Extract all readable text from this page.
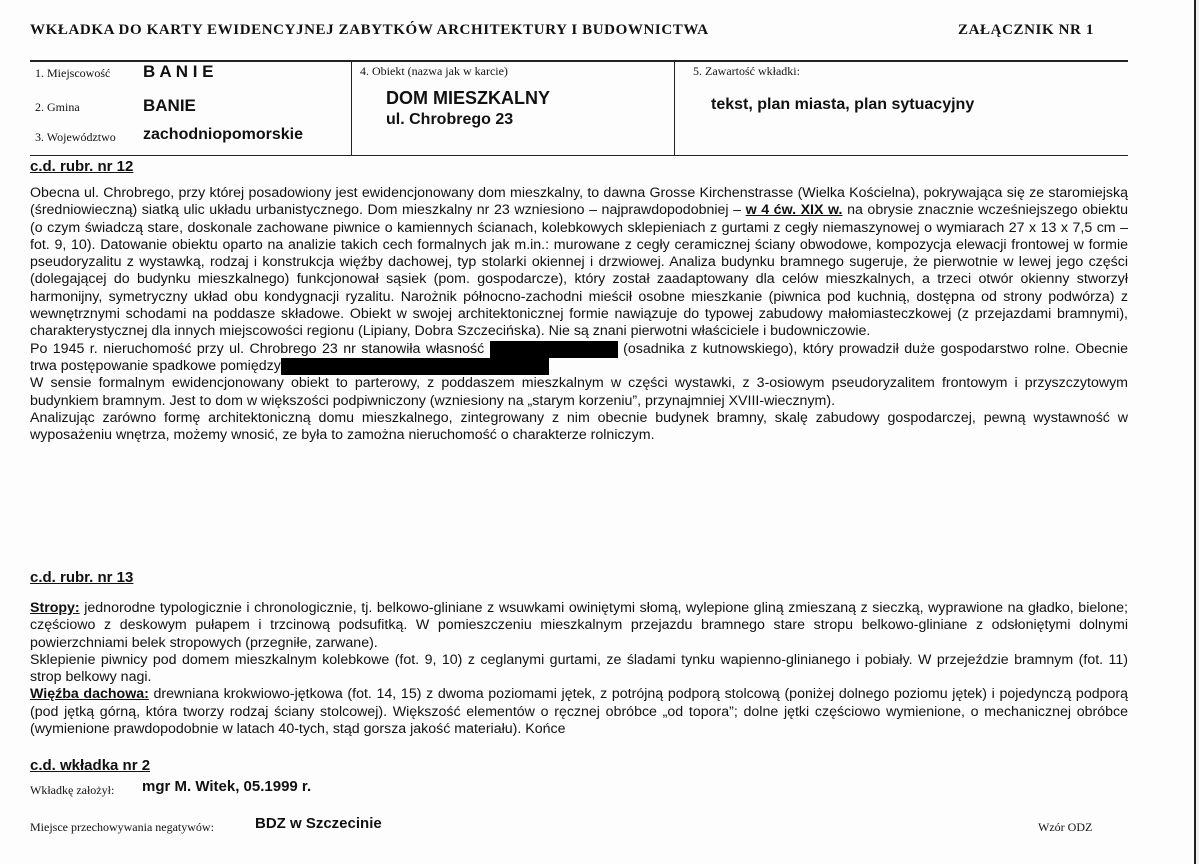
WKŁADKA DO KARTY EWIDENCYJNEJ ZABYTKÓW ARCHITEKTURY I BUDOWNICTWA	ZAŁĄCZNIK NR 1
1. Miejscowość B A N I E
2. Gmina	BANIE
3. Województwo zachodniopomorskie
4. Obiekt (nazwa jak w karcie)
DOM MIESZKALNY
ul. Chrobrego 23
5. Zawartość wkładki:
tekst, plan miasta, plan sytuacyjny
c.d. rubr. nr 12

Obecna ul. Chrobrego, przy której posadowiony jest ewidencjonowany dom mieszkalny, to dawna Grosse Kirchenstrasse (Wielka Kościelna), pokrywająca się ze staromiejską (średniowieczną) siatką ulic układu urbanistycznego. Dom mieszkalny nr 23 wzniesiono – najprawdopodobniej – w 4 ćw. XIX w. na obrysie znacznie wcześniejszego obiektu (o czym świadczą stare, doskonale zachowane piwnice o kamiennych ścianach, kolebkowych sklepieniach z gurtami z cegły niemaszynowej o wymiarach 27 x 13 x 7,5 cm – fot. 9, 10). Datowanie obiektu oparto na analizie takich cech formalnych jak m.in.: murowane z cegły ceramicznej ściany obwodowe, kompozycja elewacji frontowej w formie pseudoryzalitu z wystawką, rodzaj i konstrukcja więźby dachowej, typ stolarki okiennej i drzwiowej. Analiza budynku bramnego sugeruje, że pierwotnie w lewej jego części (dolegającej do budynku mieszkalnego) funkcjonował sąsiek (pom. gospodarcze), który został zaadaptowany dla celów mieszkalnych, a trzeci otwór okienny stworzył harmonijny, symetryczny układ obu kondygnacji ryzalitu. Narożnik północno-zachodni mieścił osobne mieszkanie (piwnica pod kuchnią, dostępna od strony podwórza) z wewnętrznymi schodami na poddasze składowe. Obiekt w swojej architektonicznej formie nawiązuje do typowej zabudowy małomiasteczkowej (z przejazdami bramnymi), charakterystycznej dla innych miejscowości regionu (Lipiany, Dobra Szczecińska). Nie są znani pierwotni właściciele i budowniczowie.

Po 1945 r. nieruchomość przy ul. Chrobrego 23 nr stanowiła własność	(osadnika z kutnowskiego), który prowadził duże gospodarstwo rolne. Obecnie trwa postępowanie spadkowe pomiędzy

W sensie formalnym ewidencjonowany obiekt to parterowy, z poddaszem mieszkalnym w części wystawki, z 3-osiowym pseudoryzalitem frontowym i przyszczytowym budynkiem bramnym. Jest to dom w większości podpiwniczony (wzniesiony na „starym korzeniu”, przynajmniej XVIII-wiecznym).

Analizując zarówno formę architektoniczną domu mieszkalnego, zintegrowany z nim obecnie budynek bramny, skalę zabudowy gospodarczej, pewną wystawność w wyposażeniu wnętrza, możemy wnosić, ze była to zamożna nieruchomość o charakterze rolniczym.

c.d. rubr. nr 13

Stropy: jednorodne typologicznie i chronologicznie, tj. belkowo-gliniane z wsuwkami owiniętymi słomą, wylepione gliną zmieszaną z sieczką, wyprawione na gładko, bielone; częściowo z deskowym pułapem i trzcinową podsufitką. W pomieszczeniu mieszkalnym przejazdu bramnego stare stropu belkowo-gliniane z odsłoniętymi dolnymi powierzchniami belek stropowych (przegniłe, zarwane).

Sklepienie piwnicy pod domem mieszkalnym kolebkowe (fot. 9, 10) z ceglanymi gurtami, ze śladami tynku wapienno-glinianego i pobiały. W przejeździe bramnym (fot. 11) strop belkowy nagi.

Więźba dachowa: drewniana krokwiowo-jętkowa (fot. 14, 15) z dwoma poziomami jętek, z potrójną podporą stolcową (poniżej dolnego poziomu jętek) i pojedynczą podporą (pod jętką górną, która tworzy rodzaj ściany stolcowej). Większość elementów o ręcznej obróbce „od topora”; dolne jętki częściowo wymienione, o mechanicznej obróbce (wymienione prawdopodobnie w latach 40-tych, stąd gorsza jakość materiału). Końce

c.d. wkładka nr 2
Wkładkę założył: mgr M. Witek, 05.1999 r.
Miejsce przechowywania negatywów:	BDZ w Szczecinie	Wzór ODZ
